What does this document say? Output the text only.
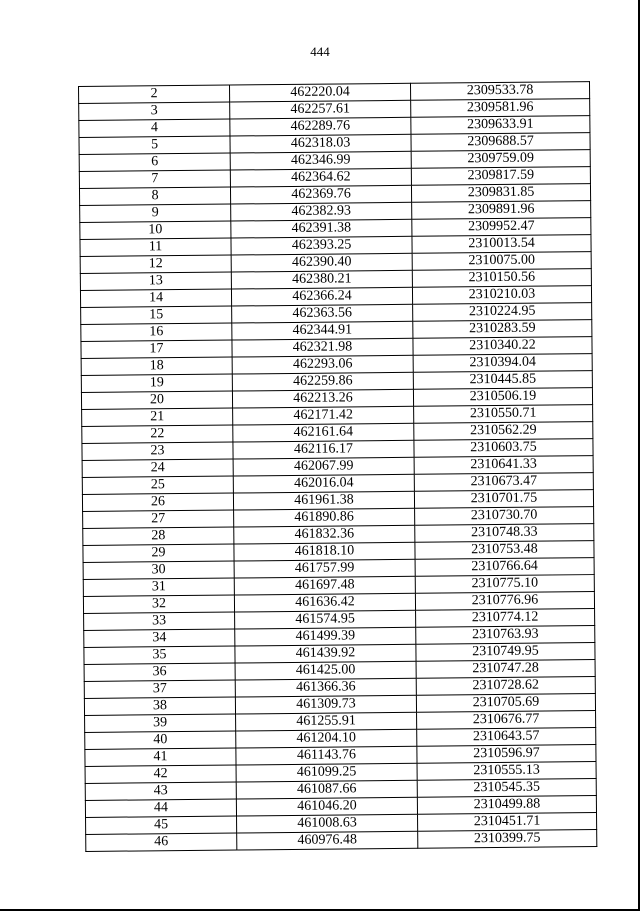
444
2	462220.04	2309533.78
3	462257.61	2309581.96
4	462289.76	2309633.91
5	462318.03	2309688.57
6	462346.99	2309759.09
7	462364.62	2309817.59
8	462369.76	2309831.85
9	462382.93	2309891.96
10	462391.38	2309952.47
11	462393.25	2310013.54
12	462390.40	2310075.00
13	462380.21	2310150.56
14	462366.24	2310210.03
15	462363.56	2310224.95
16	462344.91	2310283.59
17	462321.98	2310340.22
18	462293.06	2310394.04
19	462259.86	2310445.85
20	462213.26	2310506.19
21	462171.42	2310550.71
22	462161.64	2310562.29
23	462116.17	2310603.75
24	462067.99	2310641.33
25	462016.04	2310673.47
26	461961.38	2310701.75
27	461890.86	2310730.70
28	461832.36	2310748.33
29	461818.10	2310753.48
30	461757.99	2310766.64
31	461697.48	2310775.10
32	461636.42	2310776.96
33	461574.95	2310774.12
34	461499.39	2310763.93
35	461439.92	2310749.95
36	461425.00	2310747.28
37	461366.36	2310728.62
38	461309.73	2310705.69
39	461255.91	2310676.77
40	461204.10	2310643.57
41	461143.76	2310596.97
42	461099.25	2310555.13
43	461087.66	2310545.35
44	461046.20	2310499.88
45	461008.63	2310451.71
46	460976.48	2310399.75
